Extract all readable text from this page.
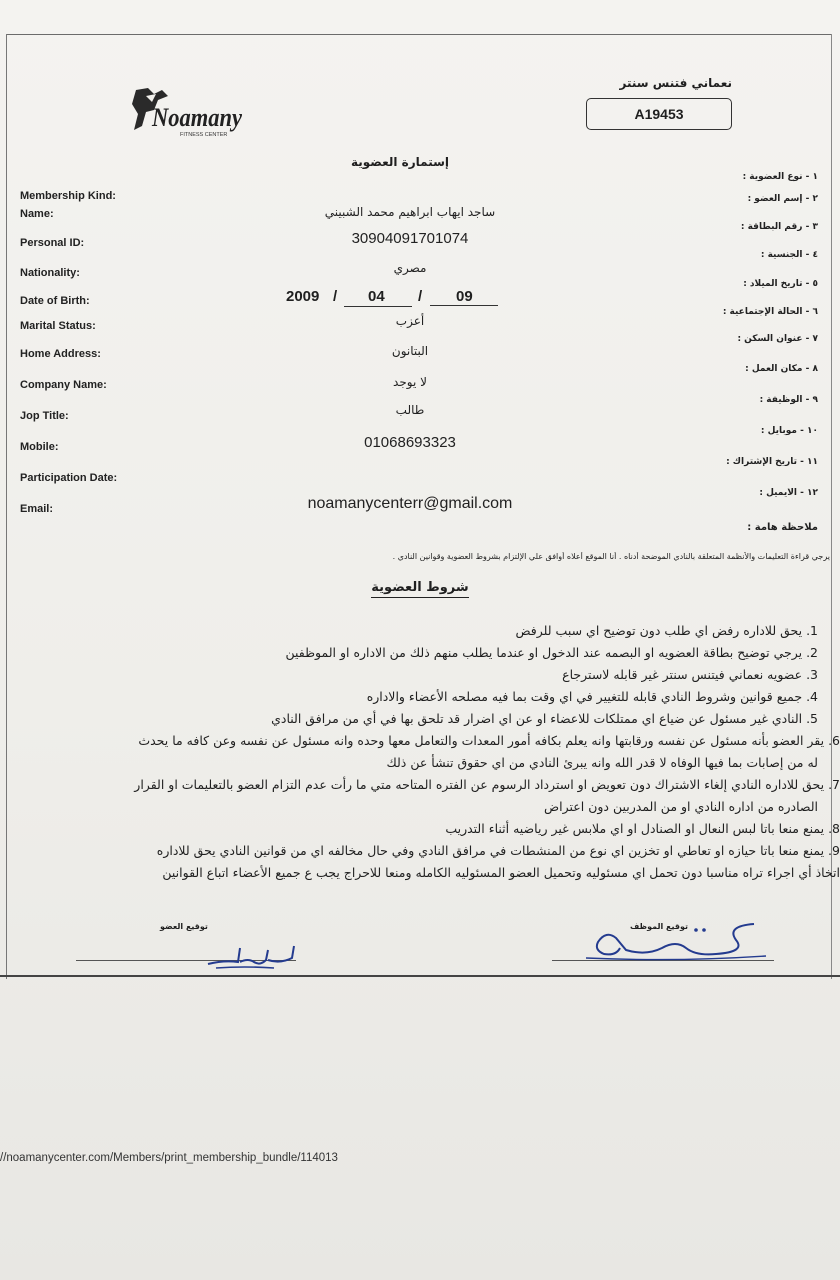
Noamany
FITNESS CENTER
نعماني فتنس سنتر
A19453
إستمارة العضوية
Membership Kind:
١ - نوع العضوية :
Name:
٢ - إسم العضو :
ساجد ايهاب ابراهيم محمد الشبيني
Personal ID:
٣ - رقم البطاقة :
30904091701074
Nationality:
٤ - الجنسية :
مصري
Date of Birth:
٥ - تاريخ الميلاد :
2009 / 04 / 09
Marital Status:
٦ - الحالة الإجتماعية :
أعزب
Home Address:
٧ - عنوان السكن :
البتانون
Company Name:
٨ - مكان العمل :
لا يوجد
Jop Title:
٩ - الوظيفة :
طالب
Mobile:
١٠ - موبايل :
01068693323
Participation Date:
١١ - تاريخ الإشتراك :
Email:
١٢ - الايميل :
noamanycenterr@gmail.com
ملاحظة هامة :
يرجي قراءة التعليمات والأنظمة المتعلقة بالنادي الموضحة أدناه . أنا الموقع أعلاه أوافق علي الإلتزام بشروط العضوية وقوانين النادي .
شروط العضوية
1. يحق للاداره رفض اي طلب دون توضيح اي سبب للرفض
2. يرجي توضيح بطاقة العضويه او البصمه عند الدخول او عندما يطلب منهم ذلك من الاداره او الموظفين
3. عضويه نعماني فيتنس سنتر غير قابله لاسترجاع
4. جميع قوانين وشروط النادي قابله للتغيير في اي وقت بما فيه مصلحه الأعضاء والاداره
5. النادي غير مسئول عن ضياع اي ممتلكات للاعضاء او عن اي اضرار قد تلحق بها في أي من مرافق النادي
6. يقر العضو بأنه مسئول عن نفسه ورقابتها وانه يعلم بكافه أمور المعدات والتعامل معها وحده وانه مسئول عن نفسه وعن كافه ما يحدث
له من إصابات بما فيها الوفاه لا قدر الله وانه يبرئ النادي من اي حقوق تنشأ عن ذلك
7. يحق للاداره النادي إلغاء الاشتراك دون تعويض او استرداد الرسوم عن الفتره المتاحه متي ما رأت عدم التزام العضو بالتعليمات او القرار
الصادره من اداره النادي او من المدربين دون اعتراض
8. يمنع منعا باتا لبس النعال او الصنادل او اي ملابس غير رياضيه أثناء التدريب
9. يمنع منعا باتا حيازه او تعاطي او تخزين اي نوع من المنشطات في مرافق النادي وفي حال مخالفه اي من قوانين النادي يحق للاداره
اتخاذ أي اجراء تراه مناسبا دون تحمل اي مسئوليه وتحميل العضو المسئوليه الكامله ومنعا للاحراج يجب ع جميع الأعضاء اتباع القوانين
توقيع العضو	توقيع الموظف
//noamanycenter.com/Members/print_membership_bundle/114013
